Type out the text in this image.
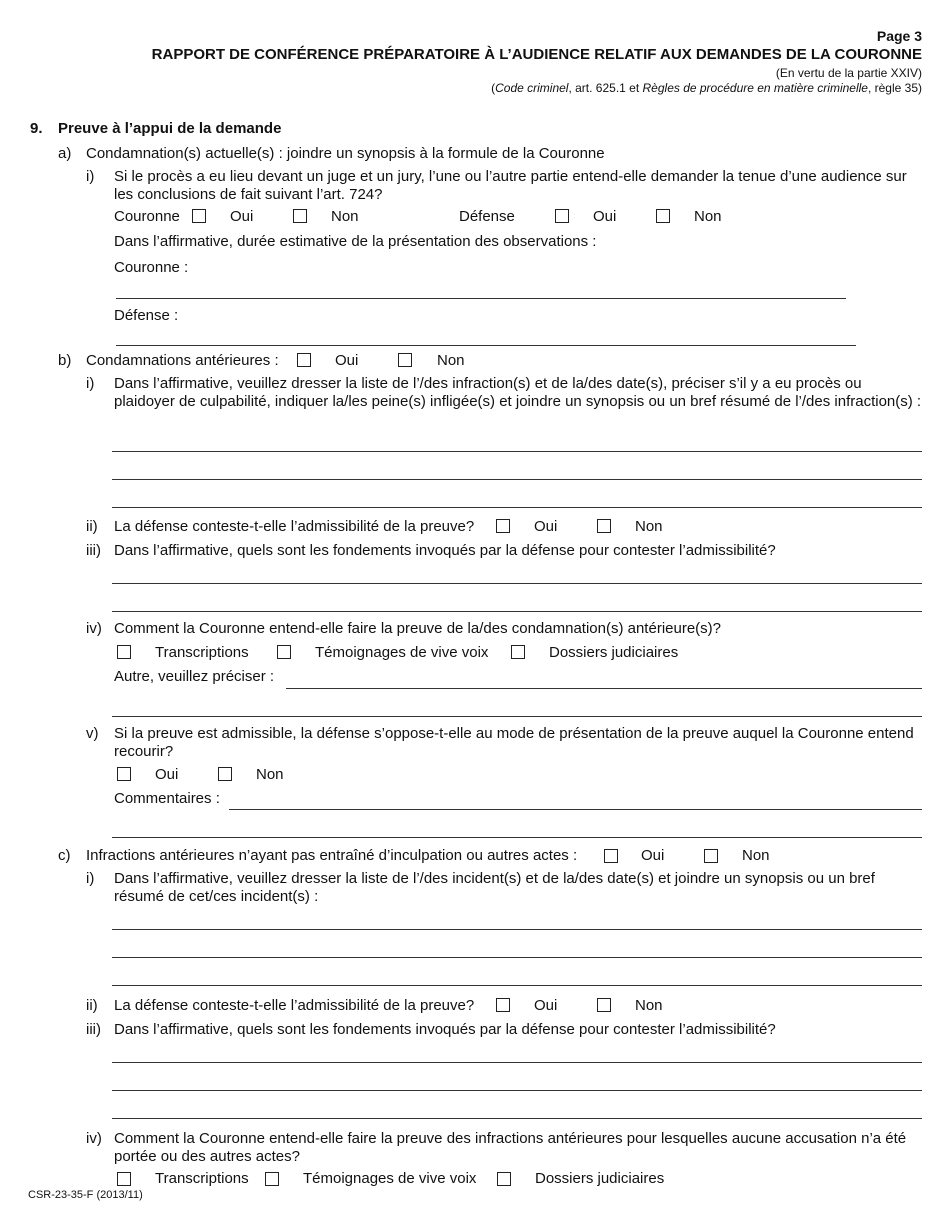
Page 3
RAPPORT DE CONFÉRENCE PRÉPARATOIRE À L’AUDIENCE RELATIF AUX DEMANDES DE LA COURONNE
(En vertu de la partie XXIV)
(Code criminel, art. 625.1 et Règles de procédure en matière criminelle, règle 35)
9. Preuve à l’appui de la demande
a) Condamnation(s) actuelle(s) : joindre un synopsis à la formule de la Couronne
i) Si le procès a eu lieu devant un juge et un jury, l’une ou l’autre partie entend-elle demander la tenue d’une audience sur les conclusions de fait suivant l’art. 724?
Couronne	Oui	Non	Défense	Oui	Non
Dans l’affirmative, durée estimative de la présentation des observations :
Couronne :
Défense :
b) Condamnations antérieures :	Oui	Non
i) Dans l’affirmative, veuillez dresser la liste de l’/des infraction(s) et de la/des date(s), préciser s’il y a eu procès ou plaidoyer de culpabilité, indiquer la/les peine(s) infligée(s) et joindre un synopsis ou un bref résumé de l’/des infraction(s) :
ii) La défense conteste-t-elle l’admissibilité de la preuve?	Oui	Non
iii) Dans l’affirmative, quels sont les fondements invoqués par la défense pour contester l’admissibilité?
iv) Comment la Couronne entend-elle faire la preuve de la/des condamnation(s) antérieure(s)?
Transcriptions	Témoignages de vive voix	Dossiers judiciaires
Autre, veuillez préciser :
v) Si la preuve est admissible, la défense s’oppose-t-elle au mode de présentation de la preuve auquel la Couronne entend recourir?
Oui	Non
Commentaires :
c) Infractions antérieures n’ayant pas entraîné d’inculpation ou autres actes :	Oui	Non
i) Dans l’affirmative, veuillez dresser la liste de l’/des incident(s) et de la/des date(s) et joindre un synopsis ou un bref résumé de cet/ces incident(s) :
ii) La défense conteste-t-elle l’admissibilité de la preuve?	Oui	Non
iii) Dans l’affirmative, quels sont les fondements invoqués par la défense pour contester l’admissibilité?
iv) Comment la Couronne entend-elle faire la preuve des infractions antérieures pour lesquelles aucune accusation n’a été portée ou des autres actes?
Transcriptions	Témoignages de vive voix	Dossiers judiciaires
CSR-23-35-F (2013/11)
